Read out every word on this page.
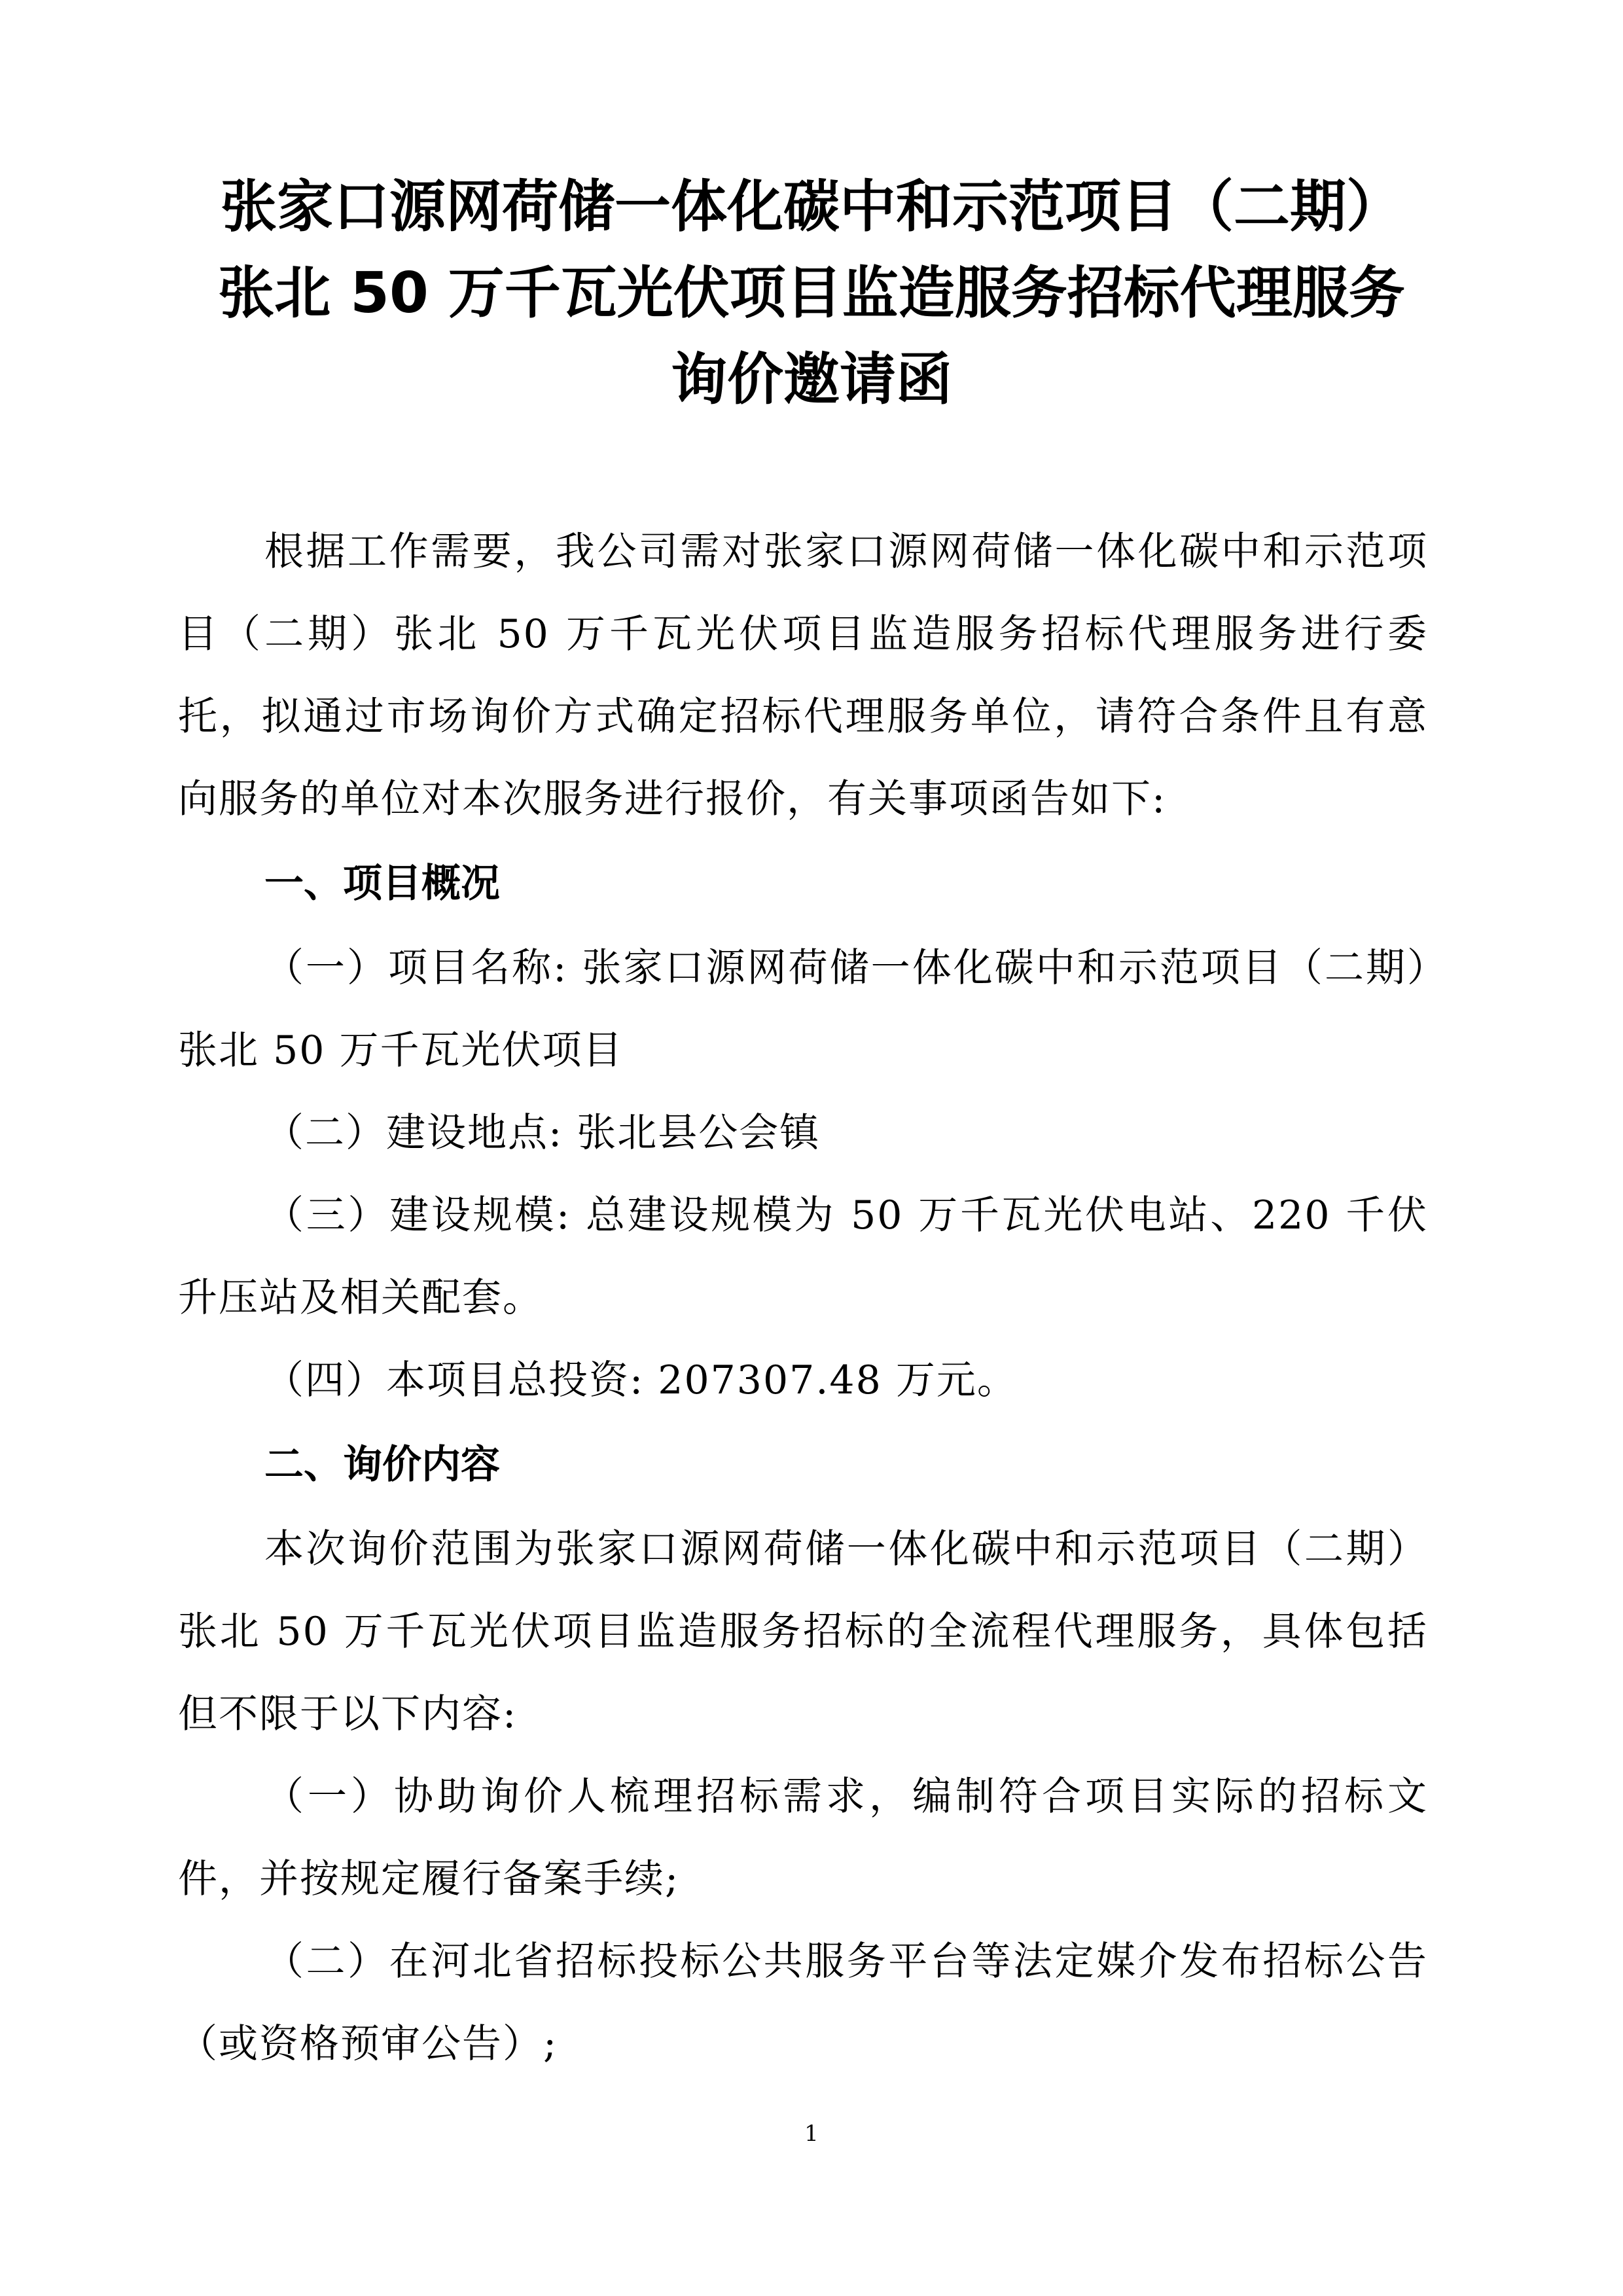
张家口源网荷储一体化碳中和示范项目（二期）
张北 50 万千瓦光伏项目监造服务招标代理服务
询价邀请函

根据工作需要，我公司需对张家口源网荷储一体化碳中和示范项目（二期）张北 50 万千瓦光伏项目监造服务招标代理服务进行委托，拟通过市场询价方式确定招标代理服务单位，请符合条件且有意向服务的单位对本次服务进行报价，有关事项函告如下:

一、项目概况

（一）项目名称: 张家口源网荷储一体化碳中和示范项目（二期）张北 50 万千瓦光伏项目

（二）建设地点: 张北县公会镇

（三）建设规模: 总建设规模为 50 万千瓦光伏电站、220 千伏升压站及相关配套。

（四）本项目总投资: 207307.48 万元。

二、询价内容

本次询价范围为张家口源网荷储一体化碳中和示范项目（二期）张北 50 万千瓦光伏项目监造服务招标的全流程代理服务，具体包括但不限于以下内容:

（一）协助询价人梳理招标需求，编制符合项目实际的招标文件，并按规定履行备案手续;

（二）在河北省招标投标公共服务平台等法定媒介发布招标公告（或资格预审公告）;

1
